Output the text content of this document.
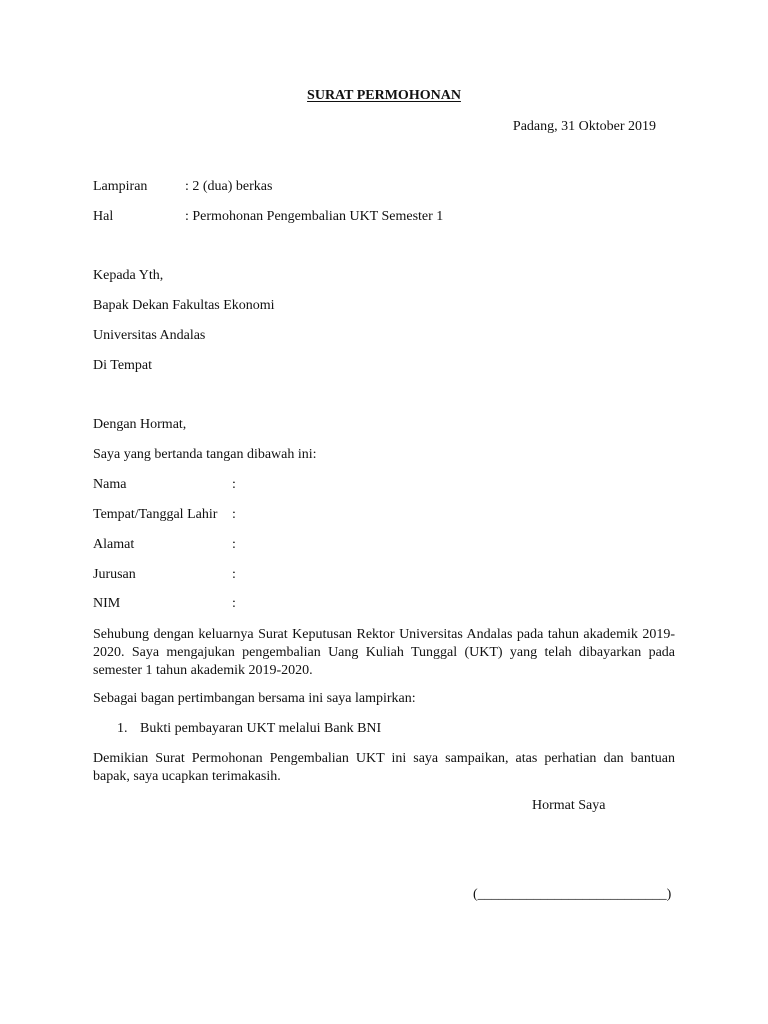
SURAT PERMOHONAN
Padang, 31 Oktober 2019
Lampiran	: 2 (dua) berkas
Hal	: Permohonan Pengembalian UKT Semester 1
Kepada Yth,
Bapak Dekan Fakultas Ekonomi
Universitas Andalas
Di Tempat
Dengan Hormat,
Saya yang bertanda tangan dibawah ini:
Nama	:
Tempat/Tanggal Lahir :
Alamat	:
Jurusan	:
NIM	:
Sehubung dengan keluarnya Surat Keputusan Rektor Universitas Andalas pada tahun akademik 2019-2020. Saya mengajukan pengembalian Uang Kuliah Tunggal (UKT) yang telah dibayarkan pada semester 1 tahun akademik 2019-2020.
Sebagai bagan pertimbangan bersama ini saya lampirkan:
1. Bukti pembayaran UKT melalui Bank BNI
Demikian Surat Permohonan Pengembalian UKT ini saya sampaikan, atas perhatian dan bantuan bapak, saya ucapkan terimakasih.
Hormat Saya
(___________________________)
